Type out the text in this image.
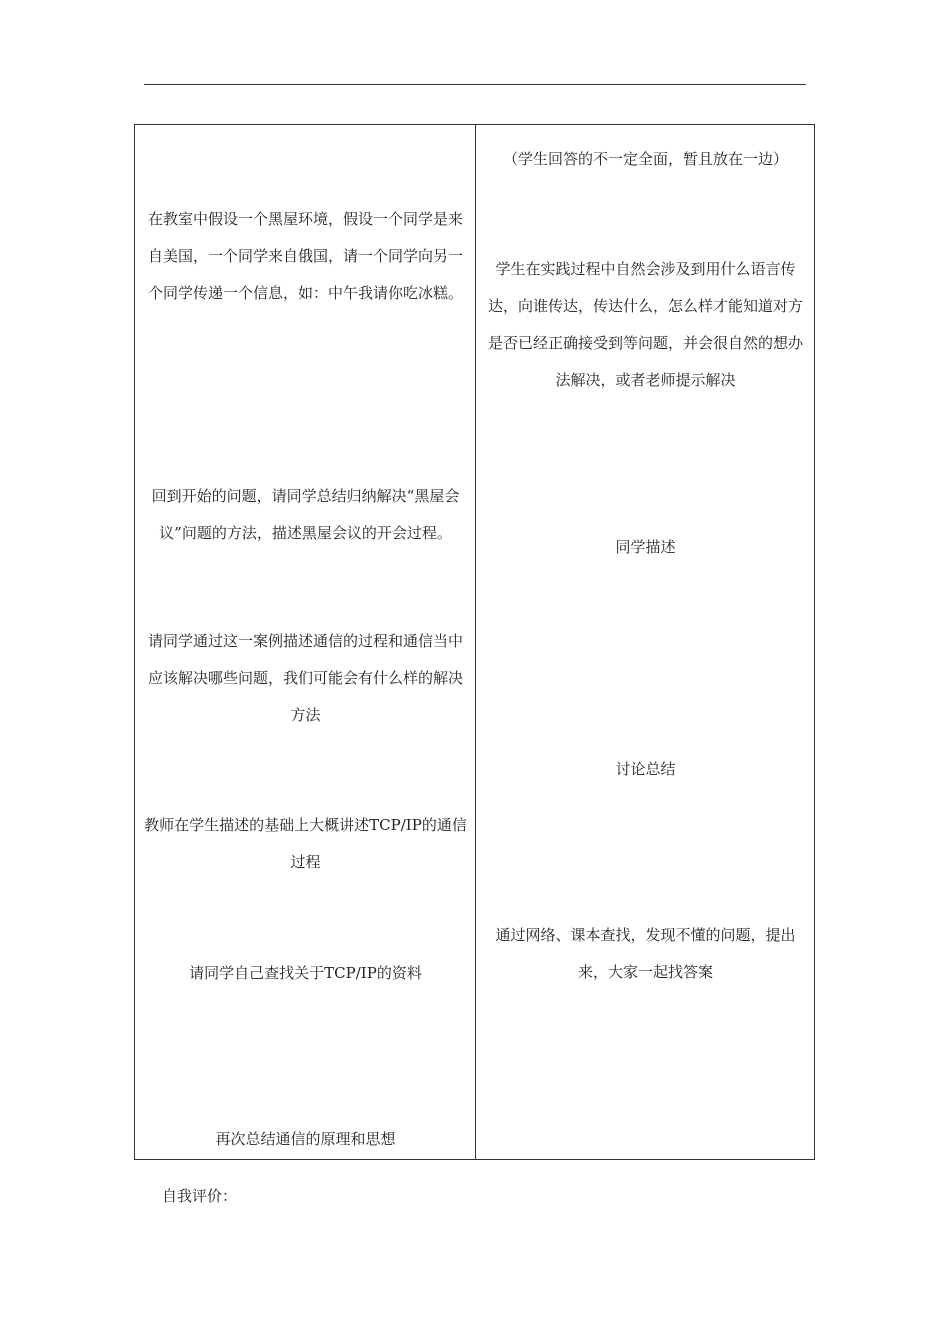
在教室中假设一个黑屋环境，假设一个同学是来自美国，一个同学来自俄国，请一个同学向另一个同学传递一个信息，如：中午我请你吃冰糕。

回到开始的问题，请同学总结归纳解决“黑屋会议”问题的方法，描述黑屋会议的开会过程。

请同学通过这一案例描述通信的过程和通信当中应该解决哪些问题，我们可能会有什么样的解决方法

教师在学生描述的基础上大概讲述TCP/IP的通信过程

请同学自己查找关于TCP/IP的资料

再次总结通信的原理和思想

（学生回答的不一定全面，暂且放在一边）

学生在实践过程中自然会涉及到用什么语言传达，向谁传达，传达什么，怎么样才能知道对方是否已经正确接受到等问题，并会很自然的想办法解决，或者老师提示解决

同学描述

讨论总结

通过网络、课本查找，发现不懂的问题，提出来，大家一起找答案

自我评价：
